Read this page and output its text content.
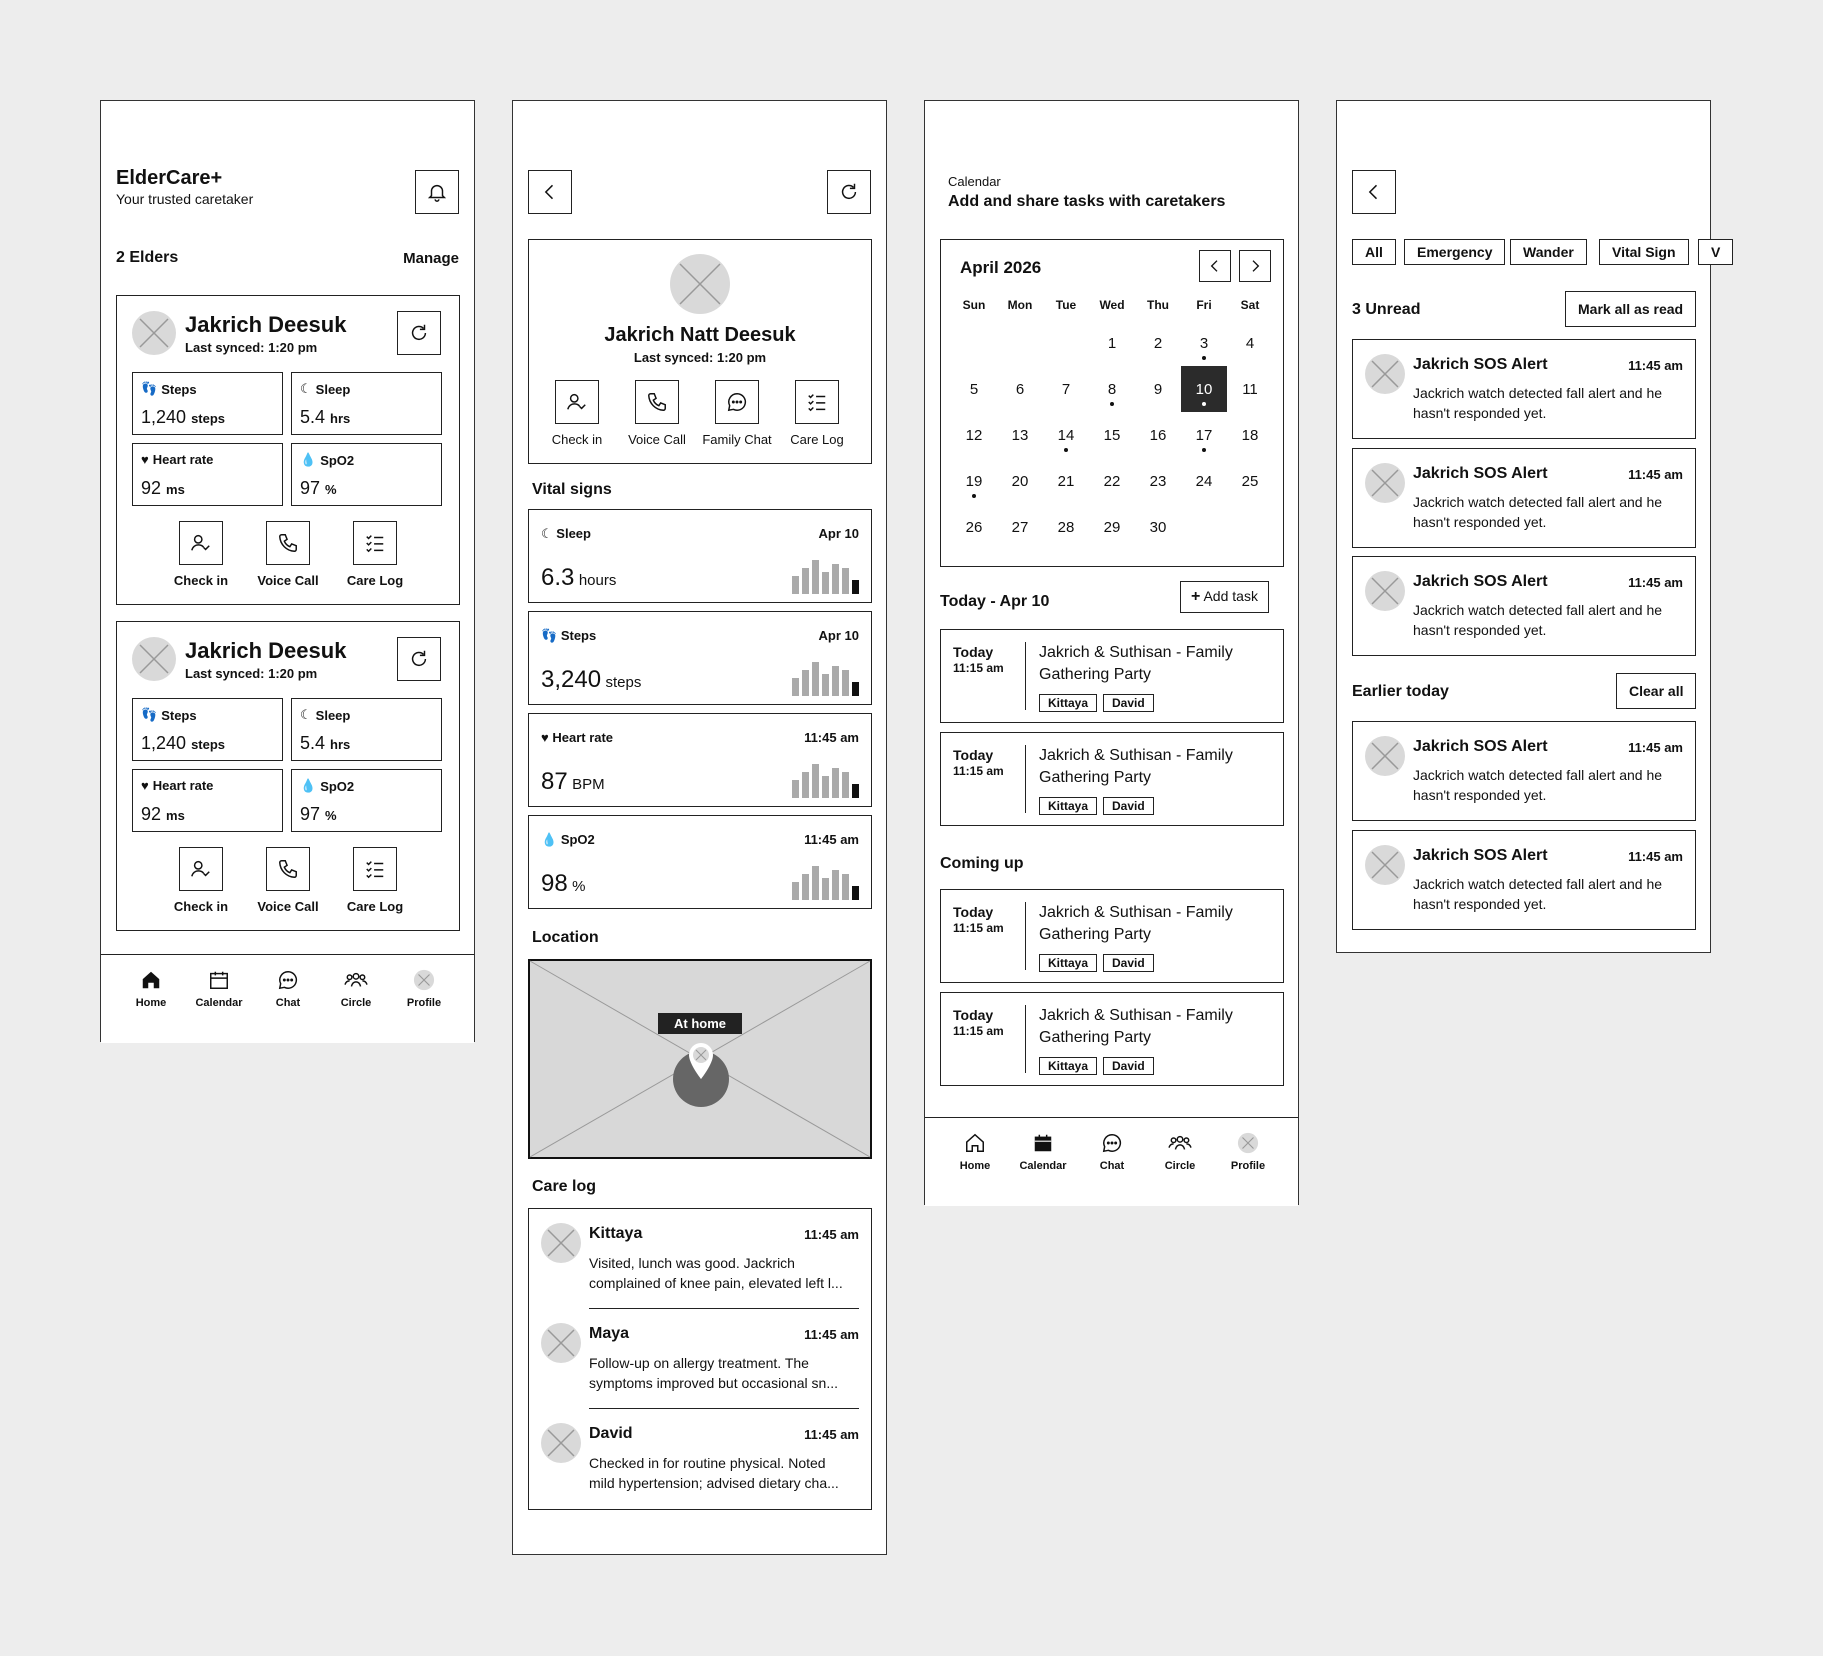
ElderCare+
Your trusted caretaker
2 Elders	Manage
Jakrich Deesuk
Last synced: 1:20 pm
👣 Steps
1,240 steps
☾ Sleep
5.4 hrs
♥ Heart rate
92 ms
💧 SpO2
97 %
Check in	Voice Call	Care Log
Jakrich Deesuk
Last synced: 1:20 pm
👣 Steps
1,240 steps
☾ Sleep
5.4 hrs
♥ Heart rate
92 ms
💧 SpO2
97 %
Check in	Voice Call	Care Log
Home	Calendar	Chat	Circle	Profile
Jakrich Natt Deesuk
Last synced: 1:20 pm
Check in	Voice Call	Family Chat	Care Log
Vital signs
☾ Sleep	Apr 10
6.3 hours
👣 Steps	Apr 10
3,240 steps
♥ Heart rate	11:45 am
87 BPM
💧 SpO2	11:45 am
98 %
Location
At home
Care log
Kittaya	11:45 am
Visited, lunch was good. Jackrich
complained of knee pain, elevated left l...
Maya	11:45 am
Follow-up on allergy treatment. The
symptoms improved but occasional sn...
David	11:45 am
Checked in for routine physical. Noted
mild hypertension; advised dietary cha...
Calendar
Add and share tasks with caretakers
April 2026
Sun	Mon	Tue	Wed	Thu	Fri	Sat
			1	2	3	4
5	6	7	8	9	10	11
12	13	14	15	16	17	18
19	20	21	22	23	24	25
26	27	28	29	30		
Today - Apr 10	+ Add task
Today
11:15 am
Jakrich & Suthisan - Family
Gathering Party
Kittaya David
Today
11:15 am
Jakrich & Suthisan - Family
Gathering Party
Kittaya David
Coming up
Today
11:15 am
Jakrich & Suthisan - Family
Gathering Party
Kittaya David
Today
11:15 am
Jakrich & Suthisan - Family
Gathering Party
Kittaya David
Home	Calendar	Chat	Circle	Profile
All	Emergency	Wander	Vital Sign	V
3 Unread	Mark all as read
Jakrich SOS Alert	11:45 am
Jackrich watch detected fall alert and he
hasn't responded yet.
Jakrich SOS Alert	11:45 am
Jackrich watch detected fall alert and he
hasn't responded yet.
Jakrich SOS Alert	11:45 am
Jackrich watch detected fall alert and he
hasn't responded yet.
Earlier today	Clear all
Jakrich SOS Alert	11:45 am
Jackrich watch detected fall alert and he
hasn't responded yet.
Jakrich SOS Alert	11:45 am
Jackrich watch detected fall alert and he
hasn't responded yet.
